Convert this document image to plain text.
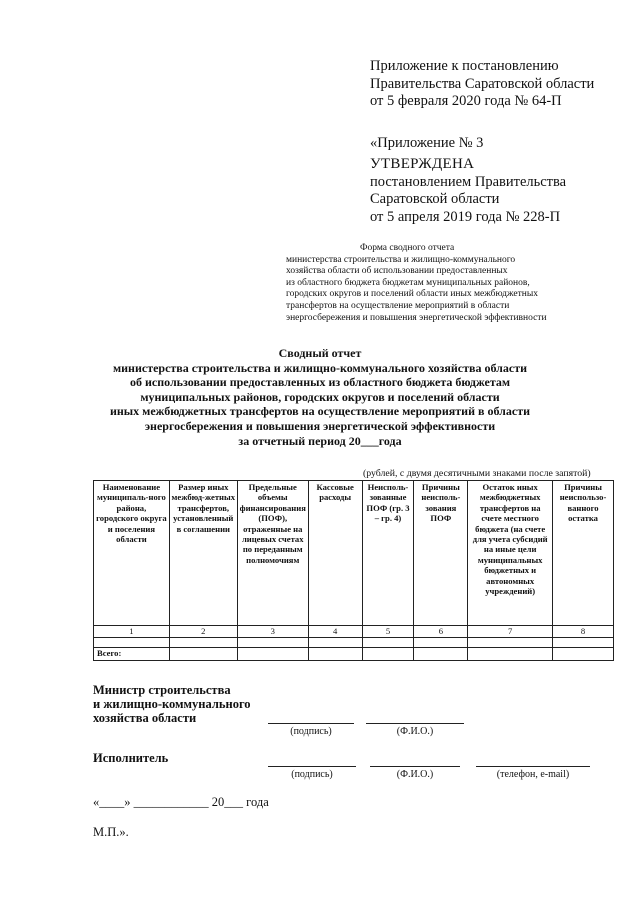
Приложение к постановлению
Правительства Саратовской области
от 5 февраля 2020 года № 64-П
«Приложение № 3
УТВЕРЖДЕНА
постановлением Правительства
Саратовской области
от 5 апреля 2019 года № 228-П
Форма сводного отчета
министерства строительства и жилищно-коммунального
хозяйства области об использовании предоставленных
из областного бюджета бюджетам муниципальных районов,
городских округов и поселений области иных межбюджетных
трансфертов на осуществление мероприятий в области
энергосбережения и повышения энергетической эффективности
Сводный отчет
министерства строительства и жилищно-коммунального хозяйства области
об использовании предоставленных из областного бюджета бюджетам
муниципальных районов, городских округов и поселений области
иных межбюджетных трансфертов на осуществление мероприятий в области
энергосбережения и повышения энергетической эффективности
за отчетный период 20___года
(рублей, с двумя десятичными знаками после запятой)
Наименование муниципаль-ного района, городского округа и поселения области	Размер иных межбюд-жетных трансфертов, установленный в соглашении	Предельные объемы финансирования (ПОФ), отраженные на лицевых счетах по переданным полномочиям	Кассовые расходы	Неисполь-зованные ПОФ (гр. 3 – гр. 4)	Причины неисполь-зования ПОФ	Остаток иных межбюджетных трансфертов на счете местного бюджета (на счете для учета субсидий на иные цели муниципальных бюджетных и автономных учреждений)	Причины неиспользо-ванного остатка
1	2	3	4	5	6	7	8

Всего:							
Министр строительства
и жилищно-коммунального
хозяйства области
(подпись)	(Ф.И.О.)
Исполнитель
(подпись)	(Ф.И.О.)	(телефон, e-mail)
«____» ____________ 20___ года
М.П.».
